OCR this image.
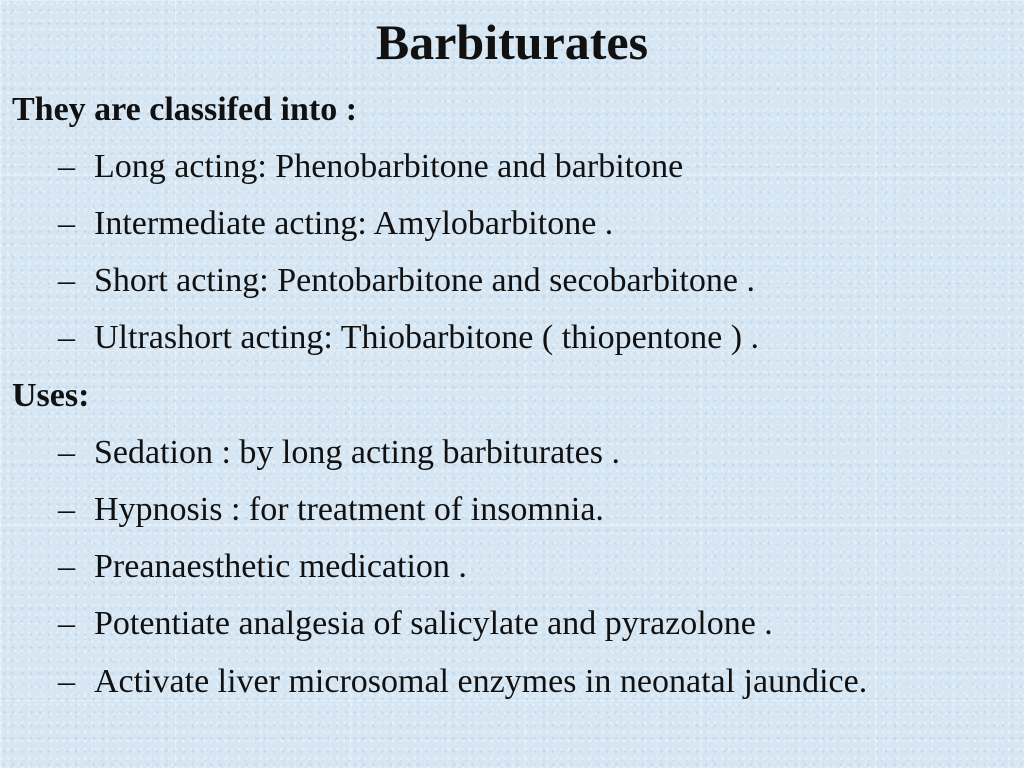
Barbiturates

They are classifed into :

– Long acting: Phenobarbitone and barbitone

– Intermediate acting: Amylobarbitone .

– Short acting: Pentobarbitone and secobarbitone .

– Ultrashort acting: Thiobarbitone ( thiopentone ) .

Uses:

– Sedation : by long acting barbiturates .

– Hypnosis : for treatment of insomnia.

– Preanaesthetic medication .

– Potentiate analgesia of salicylate and pyrazolone .

– Activate liver microsomal enzymes in neonatal jaundice.
